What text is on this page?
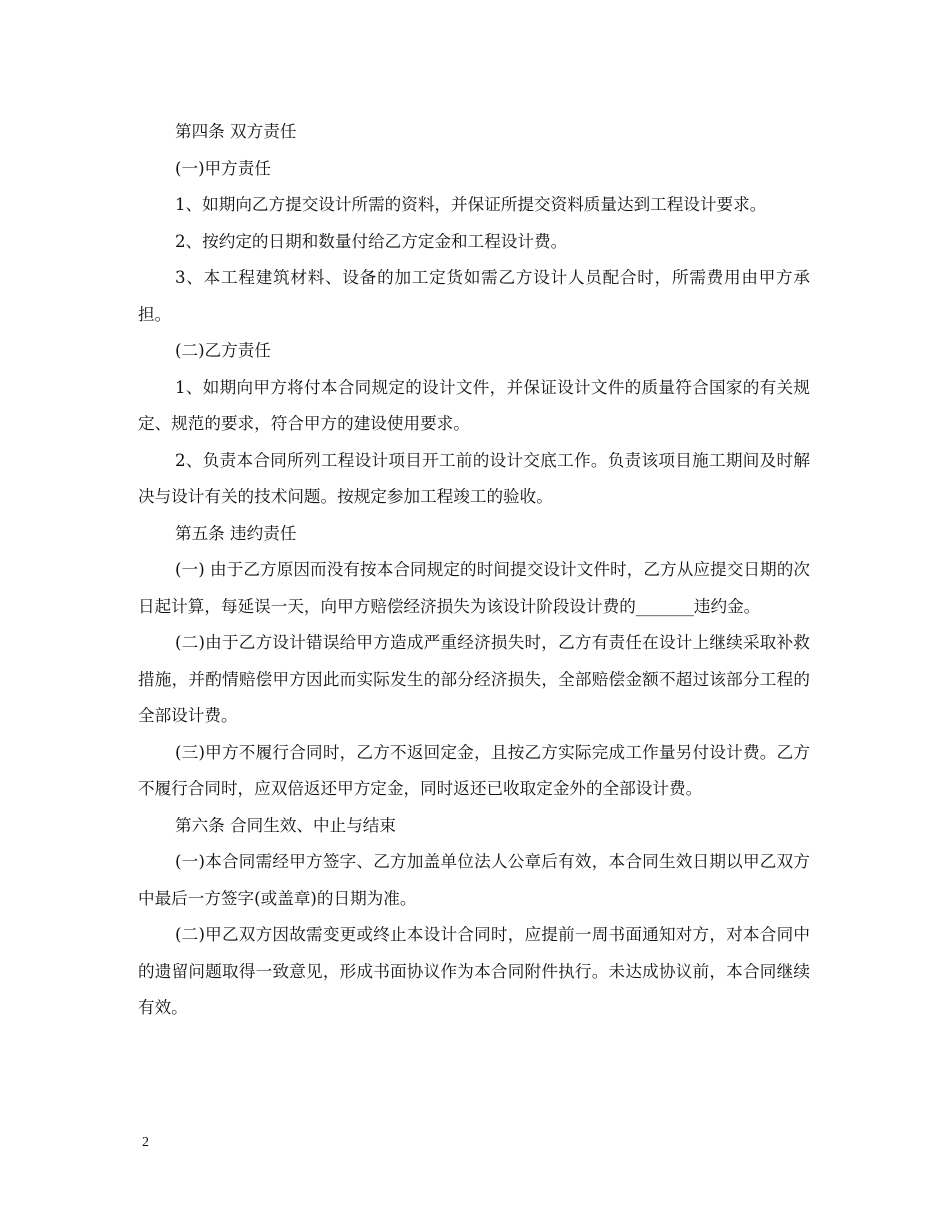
第四条 双方责任

(一)甲方责任

1、如期向乙方提交设计所需的资料，并保证所提交资料质量达到工程设计要求。

2、按约定的日期和数量付给乙方定金和工程设计费。

3、本工程建筑材料、设备的加工定货如需乙方设计人员配合时，所需费用由甲方承担。

(二)乙方责任

1、如期向甲方将付本合同规定的设计文件，并保证设计文件的质量符合国家的有关规定、规范的要求，符合甲方的建设使用要求。

2、负责本合同所列工程设计项目开工前的设计交底工作。负责该项目施工期间及时解决与设计有关的技术问题。按规定参加工程竣工的验收。

第五条 违约责任

(一) 由于乙方原因而没有按本合同规定的时间提交设计文件时，乙方从应提交日期的次日起计算，每延误一天，向甲方赔偿经济损失为该设计阶段设计费的_______违约金。

(二)由于乙方设计错误给甲方造成严重经济损失时，乙方有责任在设计上继续采取补救措施，并酌情赔偿甲方因此而实际发生的部分经济损失，全部赔偿金额不超过该部分工程的全部设计费。

(三)甲方不履行合同时，乙方不返回定金，且按乙方实际完成工作量另付设计费。乙方不履行合同时，应双倍返还甲方定金，同时返还已收取定金外的全部设计费。

第六条 合同生效、中止与结束

(一)本合同需经甲方签字、乙方加盖单位法人公章后有效，本合同生效日期以甲乙双方中最后一方签字(或盖章)的日期为准。

(二)甲乙双方因故需变更或终止本设计合同时，应提前一周书面通知对方，对本合同中的遗留问题取得一致意见，形成书面协议作为本合同附件执行。未达成协议前，本合同继续有效。

2
